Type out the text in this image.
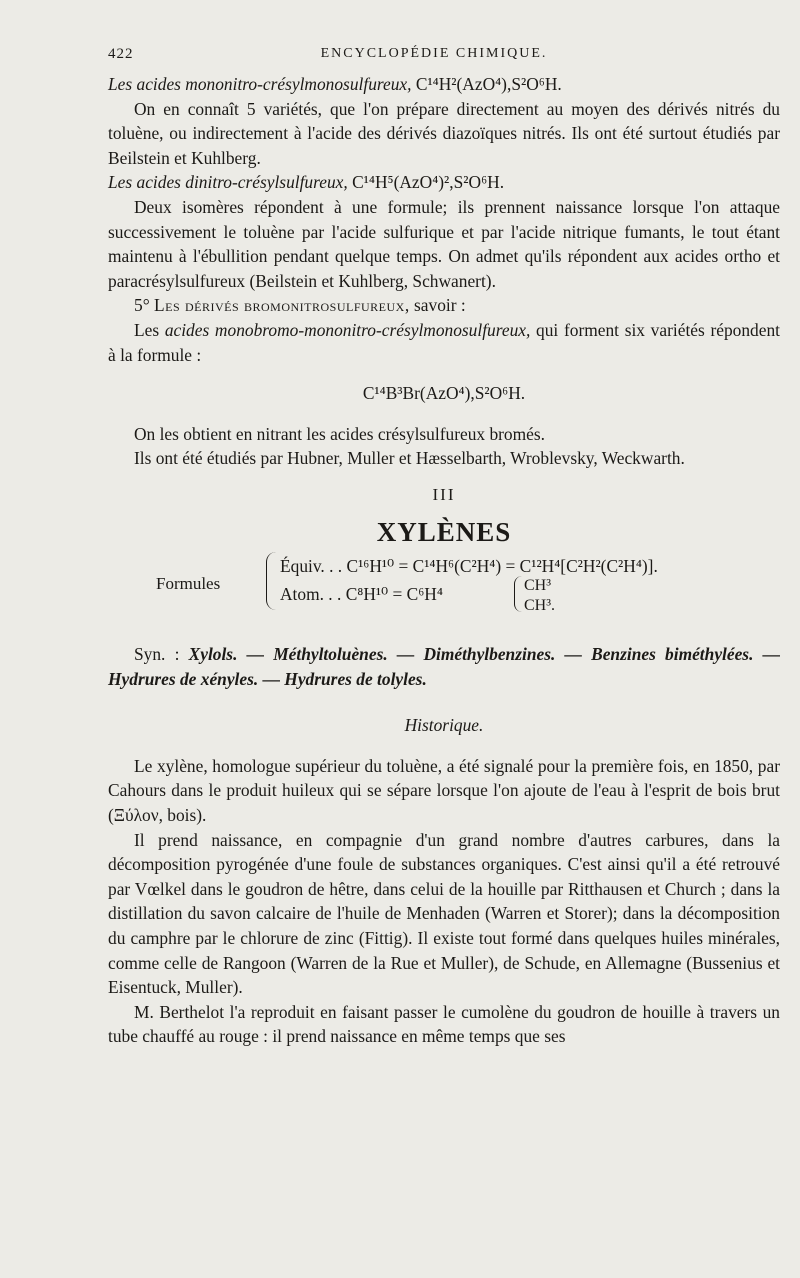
422	ENCYCLOPÉDIE CHIMIQUE.

Les acides mononitro-crésylmonosulfureux, C¹⁴H²(AzO⁴),S²O⁶H.

On en connaît 5 variétés, que l'on prépare directement au moyen des dérivés nitrés du toluène, ou indirectement à l'acide des dérivés diazoïques nitrés. Ils ont été surtout étudiés par Beilstein et Kuhlberg.

Les acides dinitro-crésylsulfureux, C¹⁴H⁵(AzO⁴)²,S²O⁶H.

Deux isomères répondent à une formule; ils prennent naissance lorsque l'on attaque successivement le toluène par l'acide sulfurique et par l'acide nitrique fumants, le tout étant maintenu à l'ébullition pendant quelque temps. On admet qu'ils répondent aux acides ortho et paracrésylsulfureux (Beilstein et Kuhlberg, Schwanert).

5° Les dérivés bromonitrosulfureux, savoir :

Les acides monobromo-mononitro-crésylmonosulfureux, qui forment six variétés répondent à la formule :

C¹⁴B³Br(AzO⁴),S²O⁶H.

On les obtient en nitrant les acides crésylsulfureux bromés.

Ils ont été étudiés par Hubner, Muller et Hæsselbarth, Wroblevsky, Weckwarth.

III

XYLÈNES

Formules
Équiv. . . C¹⁶H¹⁰ = C¹⁴H⁶(C²H⁴) = C¹²H⁴[C²H²(C²H⁴)].
Atom. . . C⁸H¹⁰ = C⁶H⁴	CH³
CH³.

Syn. : Xylols. — Méthyltoluènes. — Diméthylbenzines. — Benzines biméthylées. — Hydrures de xényles. — Hydrures de tolyles.

Historique.

Le xylène, homologue supérieur du toluène, a été signalé pour la première fois, en 1850, par Cahours dans le produit huileux qui se sépare lorsque l'on ajoute de l'eau à l'esprit de bois brut (Ξύλον, bois).

Il prend naissance, en compagnie d'un grand nombre d'autres carbures, dans la décomposition pyrogénée d'une foule de substances organiques. C'est ainsi qu'il a été retrouvé par Vœlkel dans le goudron de hêtre, dans celui de la houille par Ritthausen et Church ; dans la distillation du savon calcaire de l'huile de Menhaden (Warren et Storer); dans la décomposition du camphre par le chlorure de zinc (Fittig). Il existe tout formé dans quelques huiles minérales, comme celle de Rangoon (Warren de la Rue et Muller), de Schude, en Allemagne (Bussenius et Eisentuck, Muller).

M. Berthelot l'a reproduit en faisant passer le cumolène du goudron de houille à travers un tube chauffé au rouge : il prend naissance en même temps que ses
